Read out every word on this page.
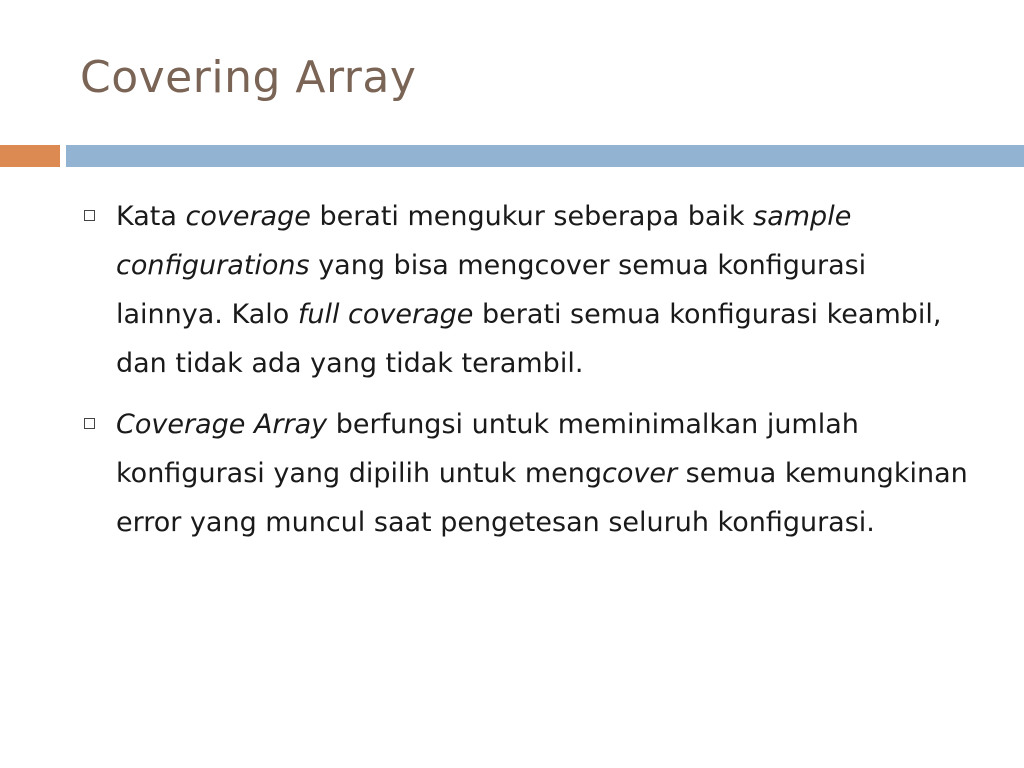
Covering Array
Kata coverage berati mengukur seberapa baik sample configurations yang bisa mengcover semua konfigurasi lainnya. Kalo full coverage berati semua konfigurasi keambil, dan tidak ada yang tidak terambil.
Coverage Array berfungsi untuk meminimalkan jumlah konfigurasi yang dipilih untuk mengcover semua kemungkinan error yang muncul saat pengetesan seluruh konfigurasi.
